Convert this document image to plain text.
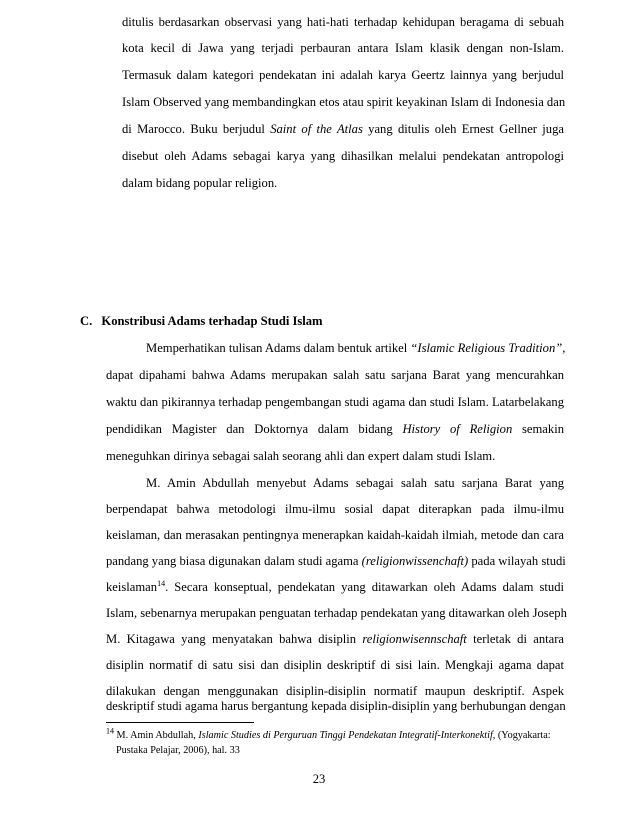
ditulis berdasarkan observasi yang hati-hati terhadap kehidupan beragama di sebuah
kota kecil di Jawa yang terjadi perbauran antara Islam klasik dengan non-Islam.
Termasuk dalam kategori pendekatan ini adalah karya Geertz lainnya yang berjudul
Islam Observed yang membandingkan etos atau spirit keyakinan Islam di Indonesia dan
di Marocco. Buku berjudul Saint of the Atlas yang ditulis oleh Ernest Gellner juga
disebut oleh Adams sebagai karya yang dihasilkan melalui pendekatan antropologi
dalam bidang popular religion.
C. Konstribusi Adams terhadap Studi Islam
Memperhatikan tulisan Adams dalam bentuk artikel “Islamic Religious Tradition”,
dapat dipahami bahwa Adams merupakan salah satu sarjana Barat yang mencurahkan
waktu dan pikirannya terhadap pengembangan studi agama dan studi Islam. Latarbelakang
pendidikan Magister dan Doktornya dalam bidang History of Religion semakin
meneguhkan dirinya sebagai salah seorang ahli dan expert dalam studi Islam.
M. Amin Abdullah menyebut Adams sebagai salah satu sarjana Barat yang
berpendapat bahwa metodologi ilmu-ilmu sosial dapat diterapkan pada ilmu-ilmu
keislaman, dan merasakan pentingnya menerapkan kaidah-kaidah ilmiah, metode dan cara
pandang yang biasa digunakan dalam studi agama (religionwissenchaft) pada wilayah studi
keislaman$^{14}$. Secara konseptual, pendekatan yang ditawarkan oleh Adams dalam studi
Islam, sebenarnya merupakan penguatan terhadap pendekatan yang ditawarkan oleh Joseph
M. Kitagawa yang menyatakan bahwa disiplin religionwisennschaft terletak di antara
disiplin normatif di satu sisi dan disiplin deskriptif di sisi lain. Mengkaji agama dapat
dilakukan dengan menggunakan disiplin-disiplin normatif maupun deskriptif. Aspek
deskriptif studi agama harus bergantung kepada disiplin-disiplin yang berhubungan dengan
$^{14}$ M. Amin Abdullah, Islamic Studies di Perguruan Tinggi Pendekatan Integratif-Interkonektif, (Yogyakarta:
Pustaka Pelajar, 2006), hal. 33
23
